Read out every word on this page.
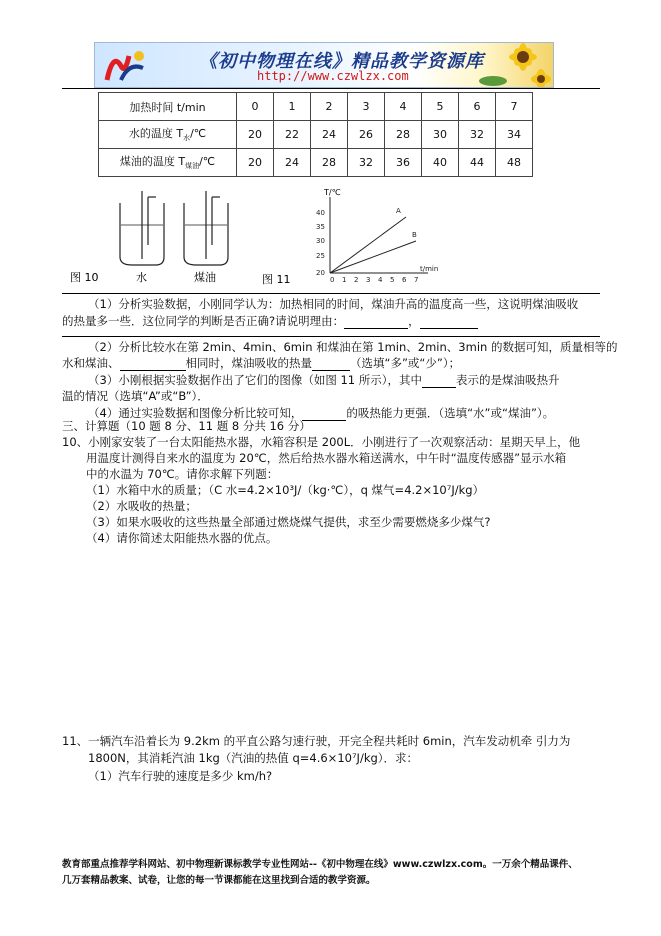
《初中物理在线》精品教学资源库
http://www.czwlzx.com
加热时间 t/min	0	1	2	3	4	5	6	7
水的温度 $T_水/℃$	20	22	24	26	28	30	32	34
煤油的温度 $T_{煤油}/℃$	20	24	28	32	36	40	44	48
图 10	水	煤油	图 11
T/℃
40
35
30
25
20
0 1 2 3 4 5 6 7
t/min
A
B
（1）分析实验数据，小刚同学认为：加热相同的时间，煤油升高的温度高一些，这说明煤油吸收
的热量多一些．这位同学的判断是否正确?请说明理由：	，
（2）分析比较水在第 2min、4min、6min 和煤油在第 1min、2min、3min 的数据可知，质量相等的
水和煤油、	相同时，煤油吸收的热量	（选填“多”或“少”）；
（3）小刚根据实验数据作出了它们的图像（如图 11 所示），其中	表示的是煤油吸热升
温的情况（选填“A”或“B”）．
（4）通过实验数据和图像分析比较可知，	的吸热能力更强．（选填“水”或“煤油”）。
三、计算题（10 题 8 分、11 题 8 分共 16 分）
10、小刚家安装了一台太阳能热水器，水箱容积是 200L．小刚进行了一次观察活动：星期天早上，他
用温度计测得自来水的温度为 20℃，然后给热水器水箱送满水，中午时“温度传感器”显示水箱
中的水温为 70℃。请你求解下列题：
（1）水箱中水的质量；（C 水=4.2×10³J/（kg·℃），q 煤气=4.2×10⁷J/kg）
（2）水吸收的热量；
（3）如果水吸收的这些热量全部通过燃烧煤气提供，求至少需要燃烧多少煤气?
（4）请你简述太阳能热水器的优点。
11、一辆汽车沿着长为 9.2km 的平直公路匀速行驶，开完全程共耗时 6min，汽车发动机牵 引力为
1800N，其消耗汽油 1kg（汽油的热值 q=4.6×10⁷J/kg）．求：
（1）汽车行驶的速度是多少 km/h?
教育部重点推荐学科网站、初中物理新课标教学专业性网站--《初中物理在线》www.czwlzx.com。一万余个精品课件、
几万套精品教案、试卷，让您的每一节课都能在这里找到合适的教学资源。
